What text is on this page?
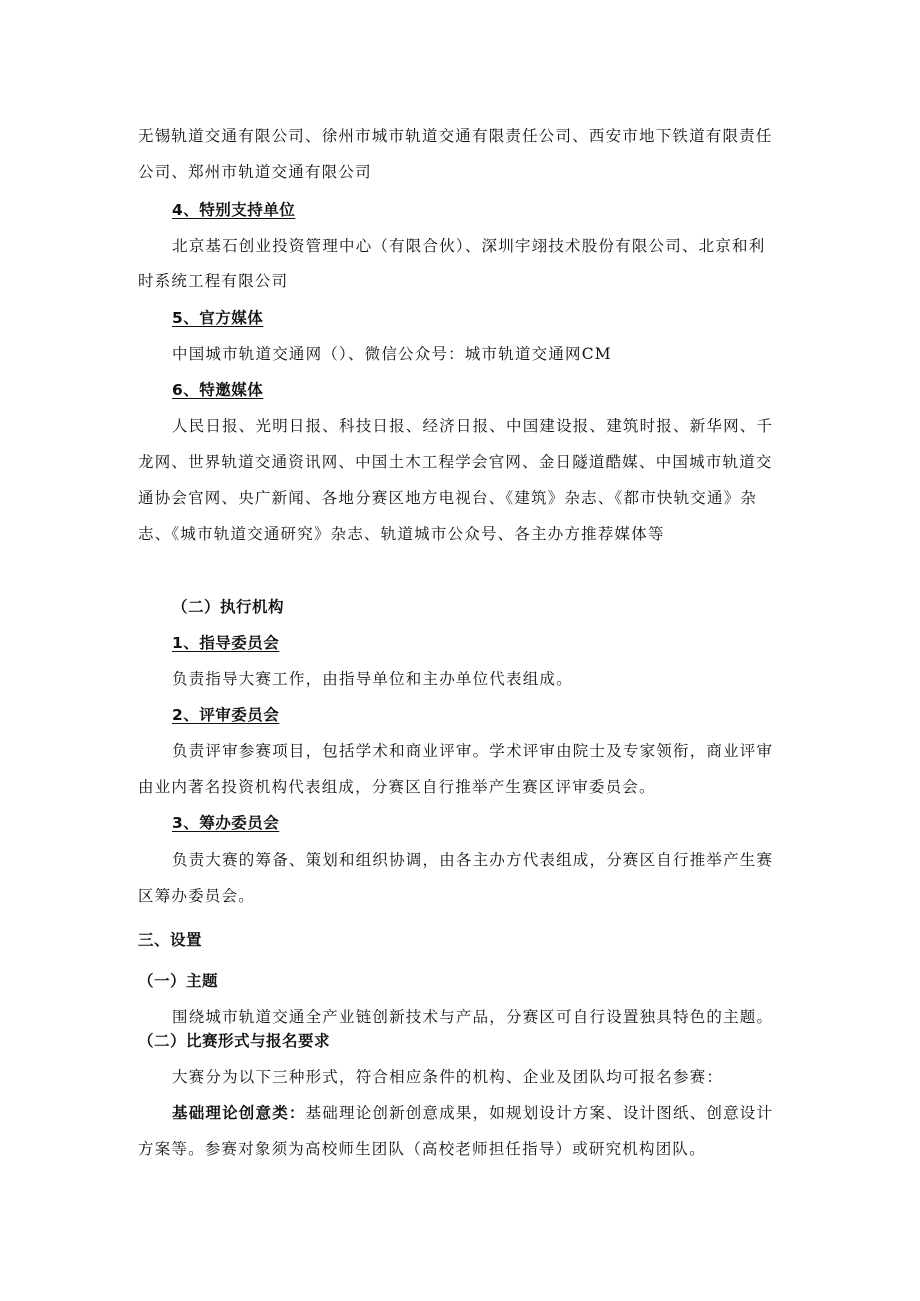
无锡轨道交通有限公司、徐州市城市轨道交通有限责任公司、西安市地下铁道有限责任
公司、郑州市轨道交通有限公司
4、特别支持单位
北京基石创业投资管理中心（有限合伙）、深圳宇翊技术股份有限公司、北京和利
时系统工程有限公司
5、官方媒体
中国城市轨道交通网（）、微信公众号：城市轨道交通网CM
6、特邀媒体
人民日报、光明日报、科技日报、经济日报、中国建设报、建筑时报、新华网、千
龙网、世界轨道交通资讯网、中国土木工程学会官网、金日隧道酷媒、中国城市轨道交
通协会官网、央广新闻、各地分赛区地方电视台、《建筑》杂志、《都市快轨交通》杂
志、《城市轨道交通研究》杂志、轨道城市公众号、各主办方推荐媒体等
（二）执行机构
1、指导委员会
负责指导大赛工作，由指导单位和主办单位代表组成。
2、评审委员会
负责评审参赛项目，包括学术和商业评审。学术评审由院士及专家领衔，商业评审
由业内著名投资机构代表组成，分赛区自行推举产生赛区评审委员会。
3、筹办委员会
负责大赛的筹备、策划和组织协调，由各主办方代表组成，分赛区自行推举产生赛
区筹办委员会。
三、设置
（一）主题
围绕城市轨道交通全产业链创新技术与产品，分赛区可自行设置独具特色的主题。
（二）比赛形式与报名要求
大赛分为以下三种形式，符合相应条件的机构、企业及团队均可报名参赛：
基础理论创意类：基础理论创新创意成果，如规划设计方案、设计图纸、创意设计
方案等。参赛对象须为高校师生团队（高校老师担任指导）或研究机构团队。
